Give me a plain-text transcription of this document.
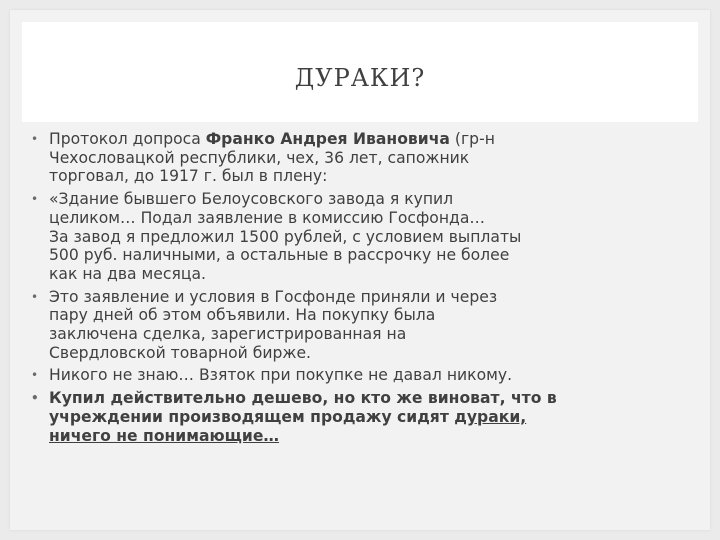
ДУРАКИ?
• Протокол допроса Франко Андрея Ивановича (гр-н
Чехословацкой республики, чех, 36 лет, сапожник
торговал, до 1917 г. был в плену:
• «Здание бывшего Белоусовского завода я купил
целиком… Подал заявление в комиссию Госфонда…
За завод я предложил 1500 рублей, с условием выплаты
500 руб. наличными, а остальные в рассрочку не более
как на два месяца.
• Это заявление и условия в Госфонде приняли и через
пару дней об этом объявили. На покупку была
заключена сделка, зарегистрированная на
Свердловской товарной бирже.
• Никого не знаю… Взяток при покупке не давал никому.
• Купил действительно дешево, но кто же виноват, что в
учреждении производящем продажу сидят дураки,
ничего не понимающие…
